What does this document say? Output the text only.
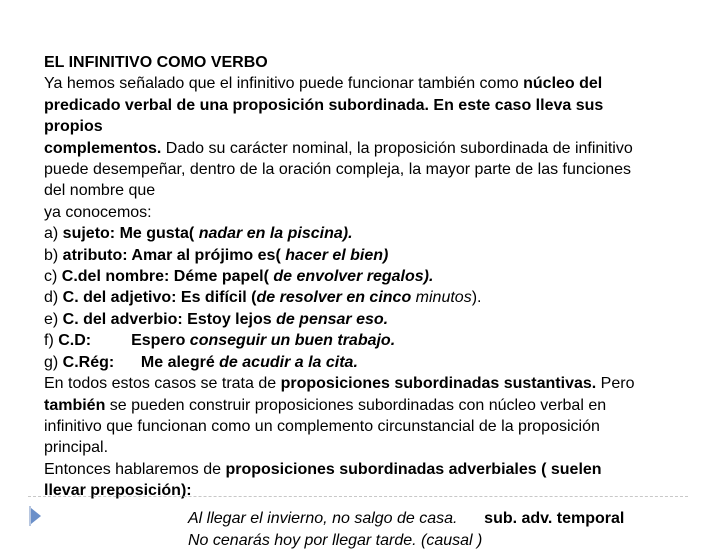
EL INFINITIVO COMO VERBO
Ya hemos señalado que el infinitivo puede funcionar también como núcleo del
predicado verbal de una proposición subordinada. En este caso lleva sus
propios
complementos. Dado su carácter nominal, la proposición subordinada de infinitivo
puede desempeñar, dentro de la oración compleja, la mayor parte de las funciones
del nombre que
ya conocemos:
a) sujeto: Me gusta( nadar en la piscina).
b) atributo: Amar al prójimo es( hacer el bien)
c) C.del nombre: Déme papel( de envolver regalos).
d) C. del adjetivo: Es difícil (de resolver en cinco minutos).
e) C. del adverbio: Estoy lejos de pensar eso.
f) C.D:         Espero conseguir un buen trabajo.
g) C.Rég:      Me alegré de acudir a la cita.
En todos estos casos se trata de proposiciones subordinadas sustantivas. Pero
también se pueden construir proposiciones subordinadas con núcleo verbal en
infinitivo que funcionan como un complemento circunstancial de la proposición
principal.
Entonces hablaremos de proposiciones subordinadas adverbiales ( suelen
llevar preposición):
Al llegar el invierno, no salgo de casa. sub. adv. temporal
No cenarás hoy por llegar tarde. (causal )
